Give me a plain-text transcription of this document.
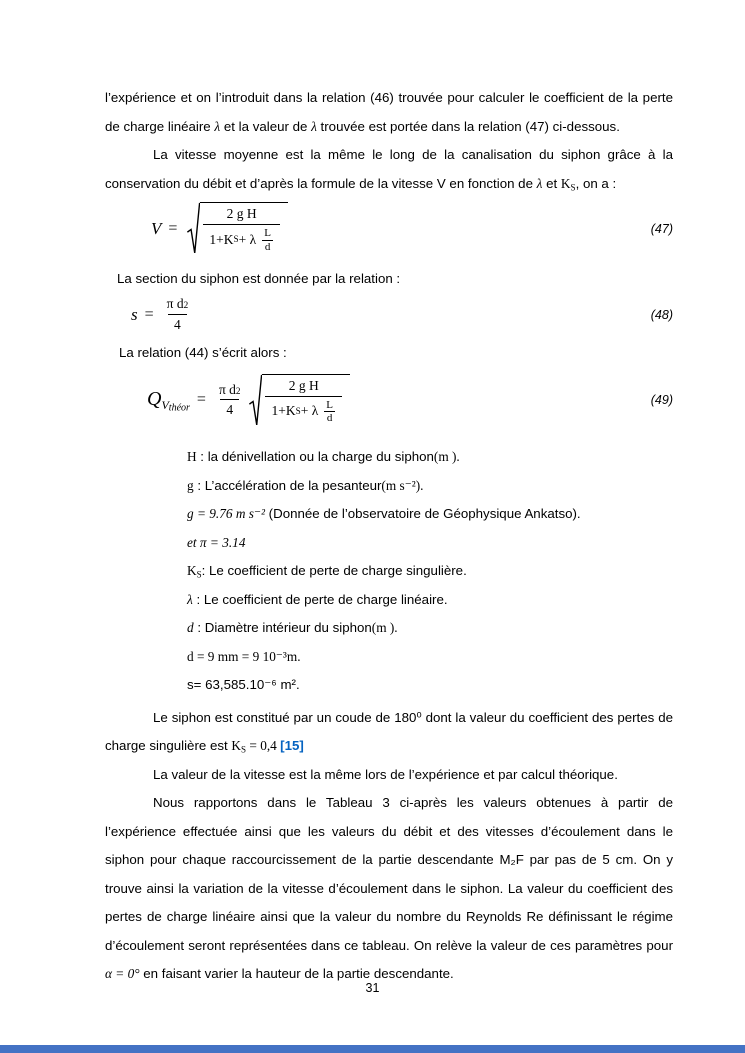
l’expérience et on l’introduit dans la relation (46) trouvée pour calculer le coefficient de la perte de charge linéaire λ et la valeur de λ trouvée est portée dans la relation (47) ci-dessous.

La vitesse moyenne est la même le long de la canalisation du siphon grâce à la conservation du débit et d’après la formule de la vitesse V en fonction de λ et $K_S$, on a :

$V = \frac{\text{2 g H}}{1+K S + \lambda \frac{L}{d}}$	(47)
La section du siphon est donnée par la relation :
$s = \frac{\text{π d 2}}{4}$	(48)
La relation (44) s’écrit alors :
$Q_{Vthéor} = \frac{\text{π d 2}}{4} \frac{\text{2 g H}}{1+K S + \lambda \frac{L}{d}}$	(49)
H : la dénivellation ou la charge du siphon(m ).
g : L’accélération de la pesanteur(m s⁻²).
g = 9.76 m s⁻² (Donnée de l’observatoire de Géophysique Ankatso).
et π = 3.14
$K_S$: Le coefficient de perte de charge singulière.
λ : Le coefficient de perte de charge linéaire.
d : Diamètre intérieur du siphon(m ).
d = 9 mm = 9 10⁻³m.
s= 63,585.10⁻⁶ m².

Le siphon est constitué par un coude de 180⁰ dont la valeur du coefficient des pertes de charge singulière est $K_S = 0,4$ [15]

La valeur de la vitesse est la même lors de l’expérience et par calcul théorique.

Nous rapportons dans le Tableau 3 ci-après les valeurs obtenues à partir de l’expérience effectuée ainsi que les valeurs du débit et des vitesses d’écoulement dans le siphon pour chaque raccourcissement de la partie descendante M₂F par pas de 5 cm. On y trouve ainsi la variation de la vitesse d’écoulement dans le siphon. La valeur du coefficient des pertes de charge linéaire ainsi que la valeur du nombre du Reynolds Re définissant le régime d’écoulement seront représentées dans ce tableau. On relève la valeur de ces paramètres pour α = 0° en faisant varier la hauteur de la partie descendante.

31
